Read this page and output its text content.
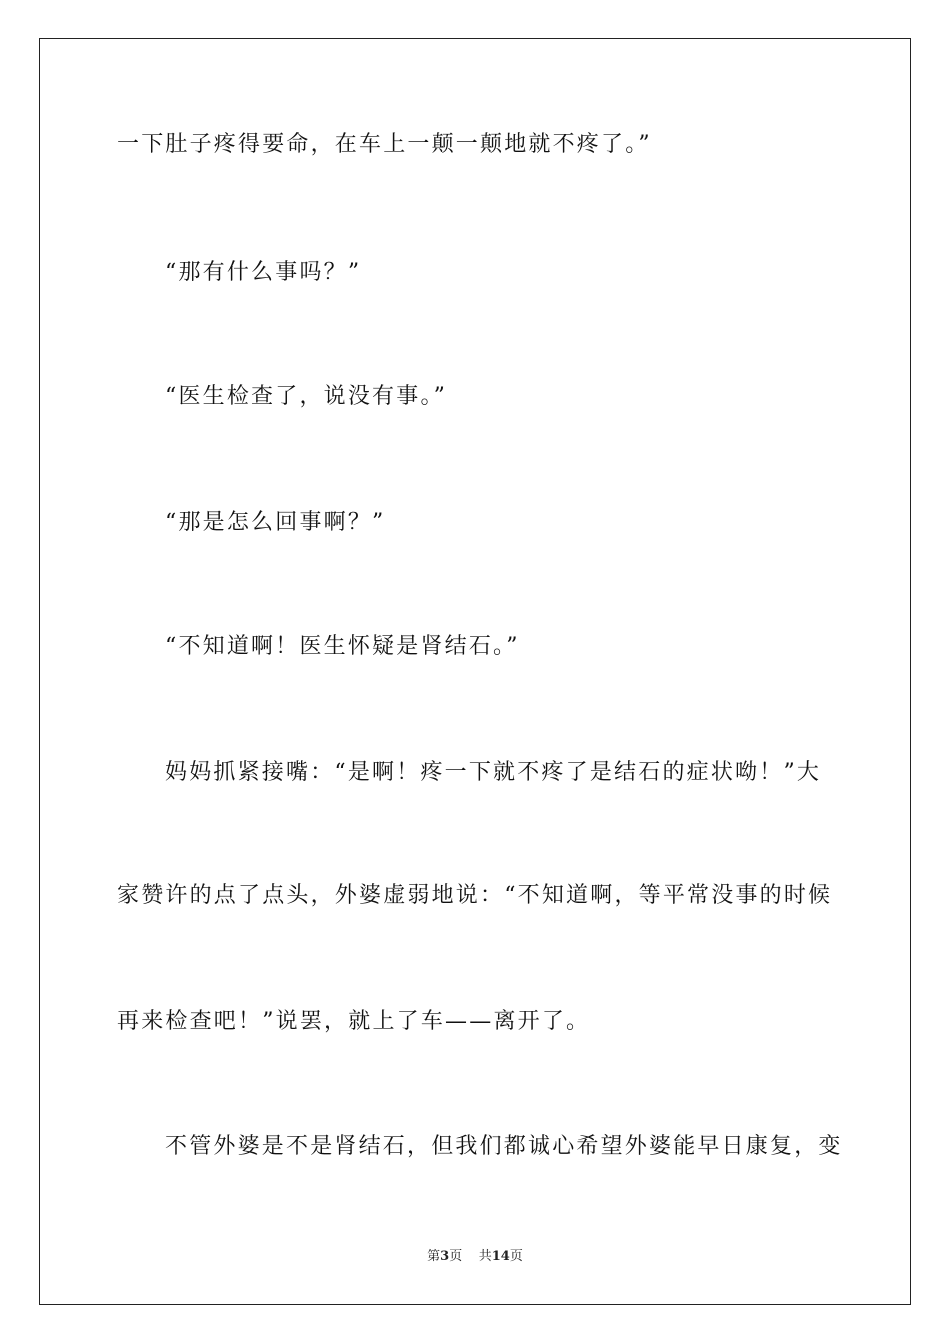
一下肚子疼得要命，在车上一颠一颠地就不疼了。”
“那有什么事吗？”
“医生检查了，说没有事。”
“那是怎么回事啊？”
“不知道啊！医生怀疑是肾结石。”
妈妈抓紧接嘴：“是啊！疼一下就不疼了是结石的症状呦！”大
家赞许的点了点头，外婆虚弱地说：“不知道啊，等平常没事的时候
再来检查吧！”说罢，就上了车——离开了。
不管外婆是不是肾结石，但我们都诚心希望外婆能早日康复，变
第3页 共14页
